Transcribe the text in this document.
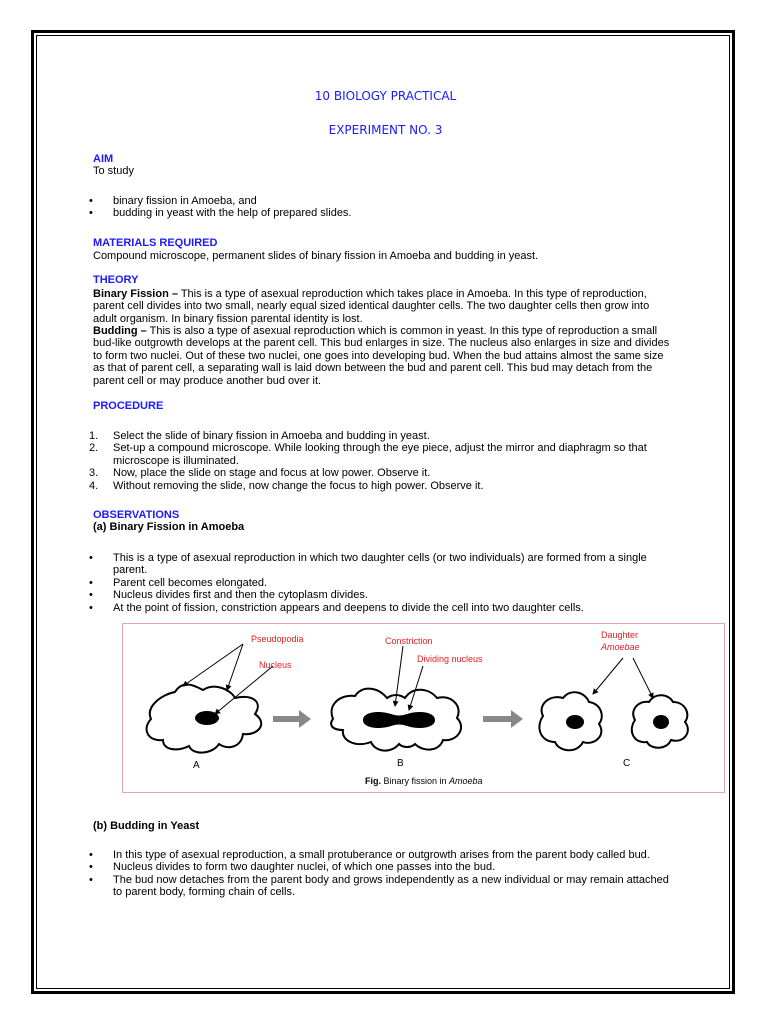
10 BIOLOGY PRACTICAL
EXPERIMENT NO. 3
AIM
To study
• binary fission in Amoeba, and
• budding in yeast with the help of prepared slides.
MATERIALS REQUIRED
Compound microscope, permanent slides of binary fission in Amoeba and budding in yeast.
THEORY
Binary Fission – This is a type of asexual reproduction which takes place in Amoeba. In this type of reproduction, parent cell divides into two small, nearly equal sized identical daughter cells. The two daughter cells then grow into adult organism. In binary fission parental identity is lost.
Budding – This is also a type of asexual reproduction which is common in yeast. In this type of reproduction a small bud-like outgrowth develops at the parent cell. This bud enlarges in size. The nucleus also enlarges in size and divides to form two nuclei. Out of these two nuclei, one goes into developing bud. When the bud attains almost the same size as that of parent cell, a separating wall is laid down between the bud and parent cell. This bud may detach from the parent cell or may produce another bud over it.
PROCEDURE
1. Select the slide of binary fission in Amoeba and budding in yeast.
2. Set-up a compound microscope. While looking through the eye piece, adjust the mirror and diaphragm so that microscope is illuminated.
3. Now, place the slide on stage and focus at low power. Observe it.
4. Without removing the slide, now change the focus to high power. Observe it.
OBSERVATIONS
(a) Binary Fission in Amoeba
• This is a type of asexual reproduction in which two daughter cells (or two individuals) are formed from a single parent.
• Parent cell becomes elongated.
• Nucleus divides first and then the cytoplasm divides.
• At the point of fission, constriction appears and deepens to divide the cell into two daughter cells.
(b) Budding in Yeast
• In this type of asexual reproduction, a small protuberance or outgrowth arises from the parent body called bud.
• Nucleus divides to form two daughter nuclei, of which one passes into the bud.
• The bud now detaches from the parent body and grows independently as a new individual or may remain attached to parent body, forming chain of cells.
Pseudopodia
Nucleus
Constriction
Dividing nucleus
Daughter
Amoebae
A	B	C
Fig. Binary fission in Amoeba
